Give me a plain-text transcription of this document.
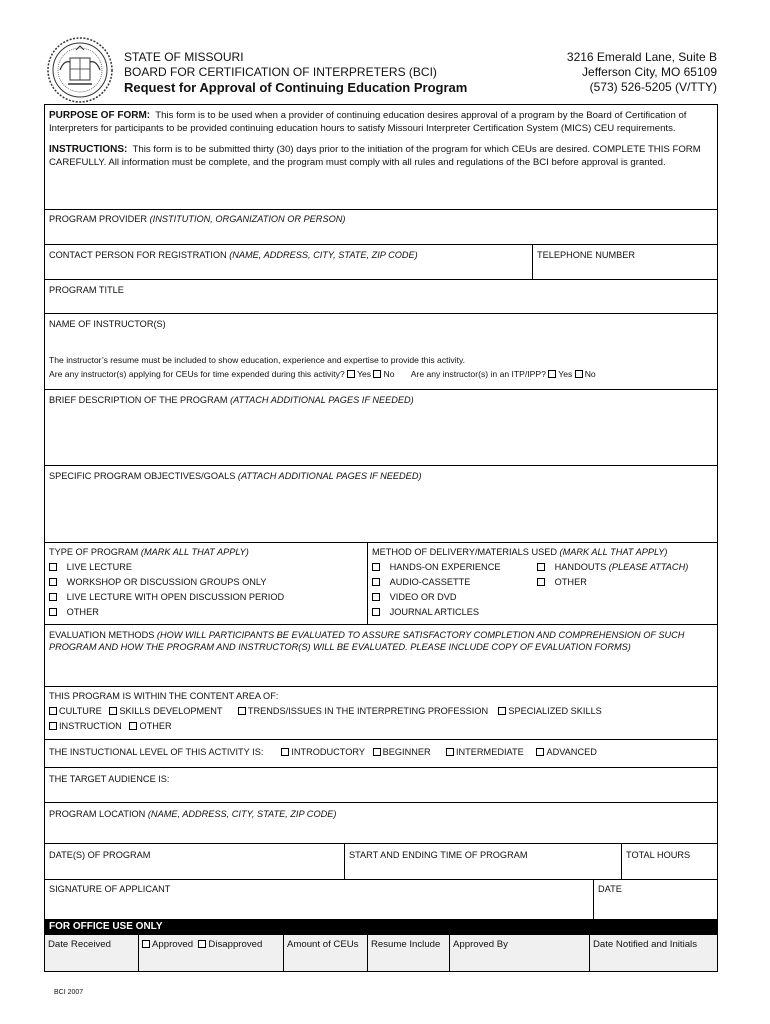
STATE OF MISSOURI
BOARD FOR CERTIFICATION OF INTERPRETERS (BCI)
Request for Approval of Continuing Education Program
3216 Emerald Lane, Suite B
Jefferson City, MO 65109
(573) 526-5205 (V/TTY)
PURPOSE OF FORM: This form is to be used when a provider of continuing education desires approval of a program by the Board of Certification of Interpreters for participants to be provided continuing education hours to satisfy Missouri Interpreter Certification System (MICS) CEU requirements.
INSTRUCTIONS: This form is to be submitted thirty (30) days prior to the initiation of the program for which CEUs are desired. COMPLETE THIS FORM CAREFULLY. All information must be complete, and the program must comply with all rules and regulations of the BCI before approval is granted.
PROGRAM PROVIDER (INSTITUTION, ORGANIZATION OR PERSON)
CONTACT PERSON FOR REGISTRATION (NAME, ADDRESS, CITY, STATE, ZIP CODE)	TELEPHONE NUMBER
PROGRAM TITLE
NAME OF INSTRUCTOR(S)
The instructor’s resume must be included to show education, experience and expertise to provide this activity.
Are any instructor(s) applying for CEUs for time expended during this activity? Yes No Are any instructor(s) in an ITP/IPP? Yes No
BRIEF DESCRIPTION OF THE PROGRAM (ATTACH ADDITIONAL PAGES IF NEEDED)
SPECIFIC PROGRAM OBJECTIVES/GOALS (ATTACH ADDITIONAL PAGES IF NEEDED)
TYPE OF PROGRAM (MARK ALL THAT APPLY)
LIVE LECTURE
WORKSHOP OR DISCUSSION GROUPS ONLY
LIVE LECTURE WITH OPEN DISCUSSION PERIOD
OTHER
METHOD OF DELIVERY/MATERIALS USED (MARK ALL THAT APPLY)
HANDS-ON EXPERIENCE	HANDOUTS (PLEASE ATTACH)
AUDIO-CASSETTE	OTHER
VIDEO OR DVD
JOURNAL ARTICLES
EVALUATION METHODS (HOW WILL PARTICIPANTS BE EVALUATED TO ASSURE SATISFACTORY COMPLETION AND COMPREHENSION OF SUCH PROGRAM AND HOW THE PROGRAM AND INSTRUCTOR(S) WILL BE EVALUATED. PLEASE INCLUDE COPY OF EVALUATION FORMS)
THIS PROGRAM IS WITHIN THE CONTENT AREA OF:
CULTURE SKILLS DEVELOPMENT	TRENDS/ISSUES IN THE INTERPRETING PROFESSION SPECIALIZED SKILLS
INSTRUCTION OTHER
THE INSTUCTIONAL LEVEL OF THIS ACTIVITY IS:	INTRODUCTORY BEGINNER	INTERMEDIATE ADVANCED
THE TARGET AUDIENCE IS:
PROGRAM LOCATION (NAME, ADDRESS, CITY, STATE, ZIP CODE)
DATE(S) OF PROGRAM	START AND ENDING TIME OF PROGRAM	TOTAL HOURS
SIGNATURE OF APPLICANT	DATE
FOR OFFICE USE ONLY
Date Received	Approved Disapproved	Amount of CEUs	Resume Include	Approved By	Date Notified and Initials
BCI 2007
